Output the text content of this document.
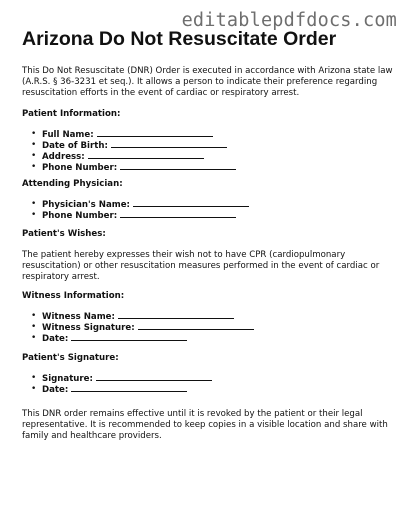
editablepdfdocs.com
Arizona Do Not Resuscitate Order

This Do Not Resuscitate (DNR) Order is executed in accordance with Arizona state law (A.R.S. § 36-3231 et seq.). It allows a person to indicate their preference regarding resuscitation efforts in the event of cardiac or respiratory arrest.

Patient Information:
• Full Name:
• Date of Birth:
• Address:
• Phone Number:
Attending Physician:
• Physician's Name:
• Phone Number:
Patient's Wishes:

The patient hereby expresses their wish not to have CPR (cardiopulmonary resuscitation) or other resuscitation measures performed in the event of cardiac or respiratory arrest.

Witness Information:
• Witness Name:
• Witness Signature:
• Date:
Patient's Signature:
• Signature:
• Date:

This DNR order remains effective until it is revoked by the patient or their legal representative. It is recommended to keep copies in a visible location and share with family and healthcare providers.
